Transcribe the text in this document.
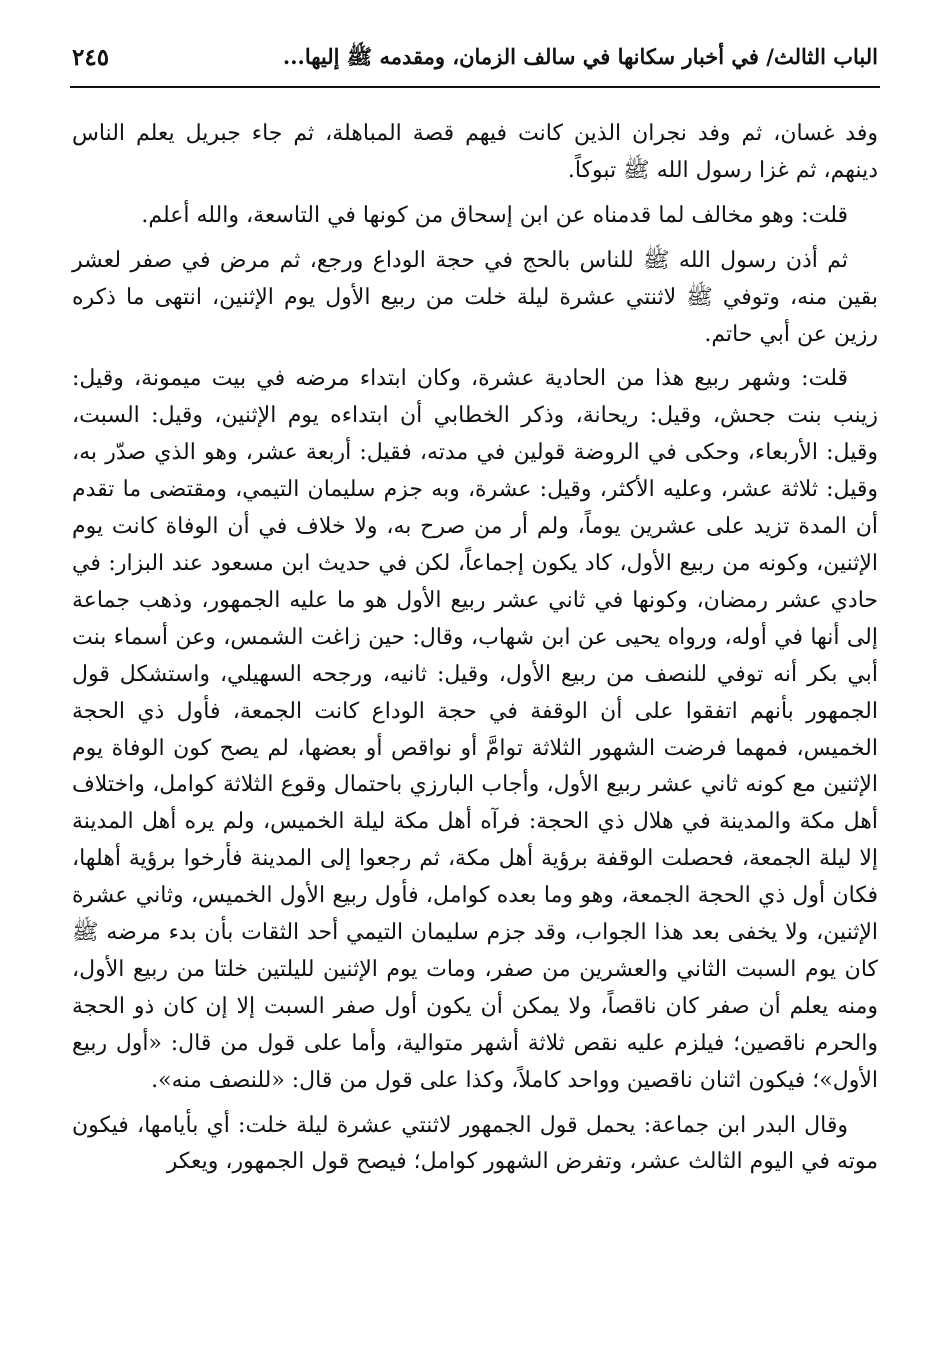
الباب الثالث/ في أخبار سكانها في سالف الزمان، ومقدمه ﷺ إليها...
٢٤٥

وفد غسان، ثم وفد نجران الذين كانت فيهم قصة المباهلة، ثم جاء جبريل يعلم الناس دينهم، ثم غزا رسول الله ﷺ تبوكاً.

قلت: وهو مخالف لما قدمناه عن ابن إسحاق من كونها في التاسعة، والله أعلم.

ثم أذن رسول الله ﷺ للناس بالحج في حجة الوداع ورجع، ثم مرض في صفر لعشر بقين منه، وتوفي ﷺ لاثنتي عشرة ليلة خلت من ربيع الأول يوم الإثنين، انتهى ما ذكره رزين عن أبي حاتم.

قلت: وشهر ربيع هذا من الحادية عشرة، وكان ابتداء مرضه في بيت ميمونة، وقيل: زينب بنت جحش، وقيل: ريحانة، وذكر الخطابي أن ابتداءه يوم الإثنين، وقيل: السبت، وقيل: الأربعاء، وحكى في الروضة قولين في مدته، فقيل: أربعة عشر، وهو الذي صدّر به، وقيل: ثلاثة عشر، وعليه الأكثر، وقيل: عشرة، وبه جزم سليمان التيمي، ومقتضى ما تقدم أن المدة تزيد على عشرين يوماً، ولم أر من صرح به، ولا خلاف في أن الوفاة كانت يوم الإثنين، وكونه من ربيع الأول، كاد يكون إجماعاً، لكن في حديث ابن مسعود عند البزار: في حادي عشر رمضان، وكونها في ثاني عشر ربيع الأول هو ما عليه الجمهور، وذهب جماعة إلى أنها في أوله، ورواه يحيى عن ابن شهاب، وقال: حين زاغت الشمس، وعن أسماء بنت أبي بكر أنه توفي للنصف من ربيع الأول، وقيل: ثانيه، ورجحه السهيلي، واستشكل قول الجمهور بأنهم اتفقوا على أن الوقفة في حجة الوداع كانت الجمعة، فأول ذي الحجة الخميس، فمهما فرضت الشهور الثلاثة توامَّ أو نواقص أو بعضها، لم يصح كون الوفاة يوم الإثنين مع كونه ثاني عشر ربيع الأول، وأجاب البارزي باحتمال وقوع الثلاثة كوامل، واختلاف أهل مكة والمدينة في هلال ذي الحجة: فرآه أهل مكة ليلة الخميس، ولم يره أهل المدينة إلا ليلة الجمعة، فحصلت الوقفة برؤية أهل مكة، ثم رجعوا إلى المدينة فأرخوا برؤية أهلها، فكان أول ذي الحجة الجمعة، وهو وما بعده كوامل، فأول ربيع الأول الخميس، وثاني عشرة الإثنين، ولا يخفى بعد هذا الجواب، وقد جزم سليمان التيمي أحد الثقات بأن بدء مرضه ﷺ كان يوم السبت الثاني والعشرين من صفر، ومات يوم الإثنين لليلتين خلتا من ربيع الأول، ومنه يعلم أن صفر كان ناقصاً، ولا يمكن أن يكون أول صفر السبت إلا إن كان ذو الحجة والحرم ناقصين؛ فيلزم عليه نقص ثلاثة أشهر متوالية، وأما على قول من قال: «أول ربيع الأول»؛ فيكون اثنان ناقصين وواحد كاملاً، وكذا على قول من قال: «للنصف منه».

وقال البدر ابن جماعة: يحمل قول الجمهور لاثنتي عشرة ليلة خلت: أي بأيامها، فيكون موته في اليوم الثالث عشر، وتفرض الشهور كوامل؛ فيصح قول الجمهور، ويعكر
